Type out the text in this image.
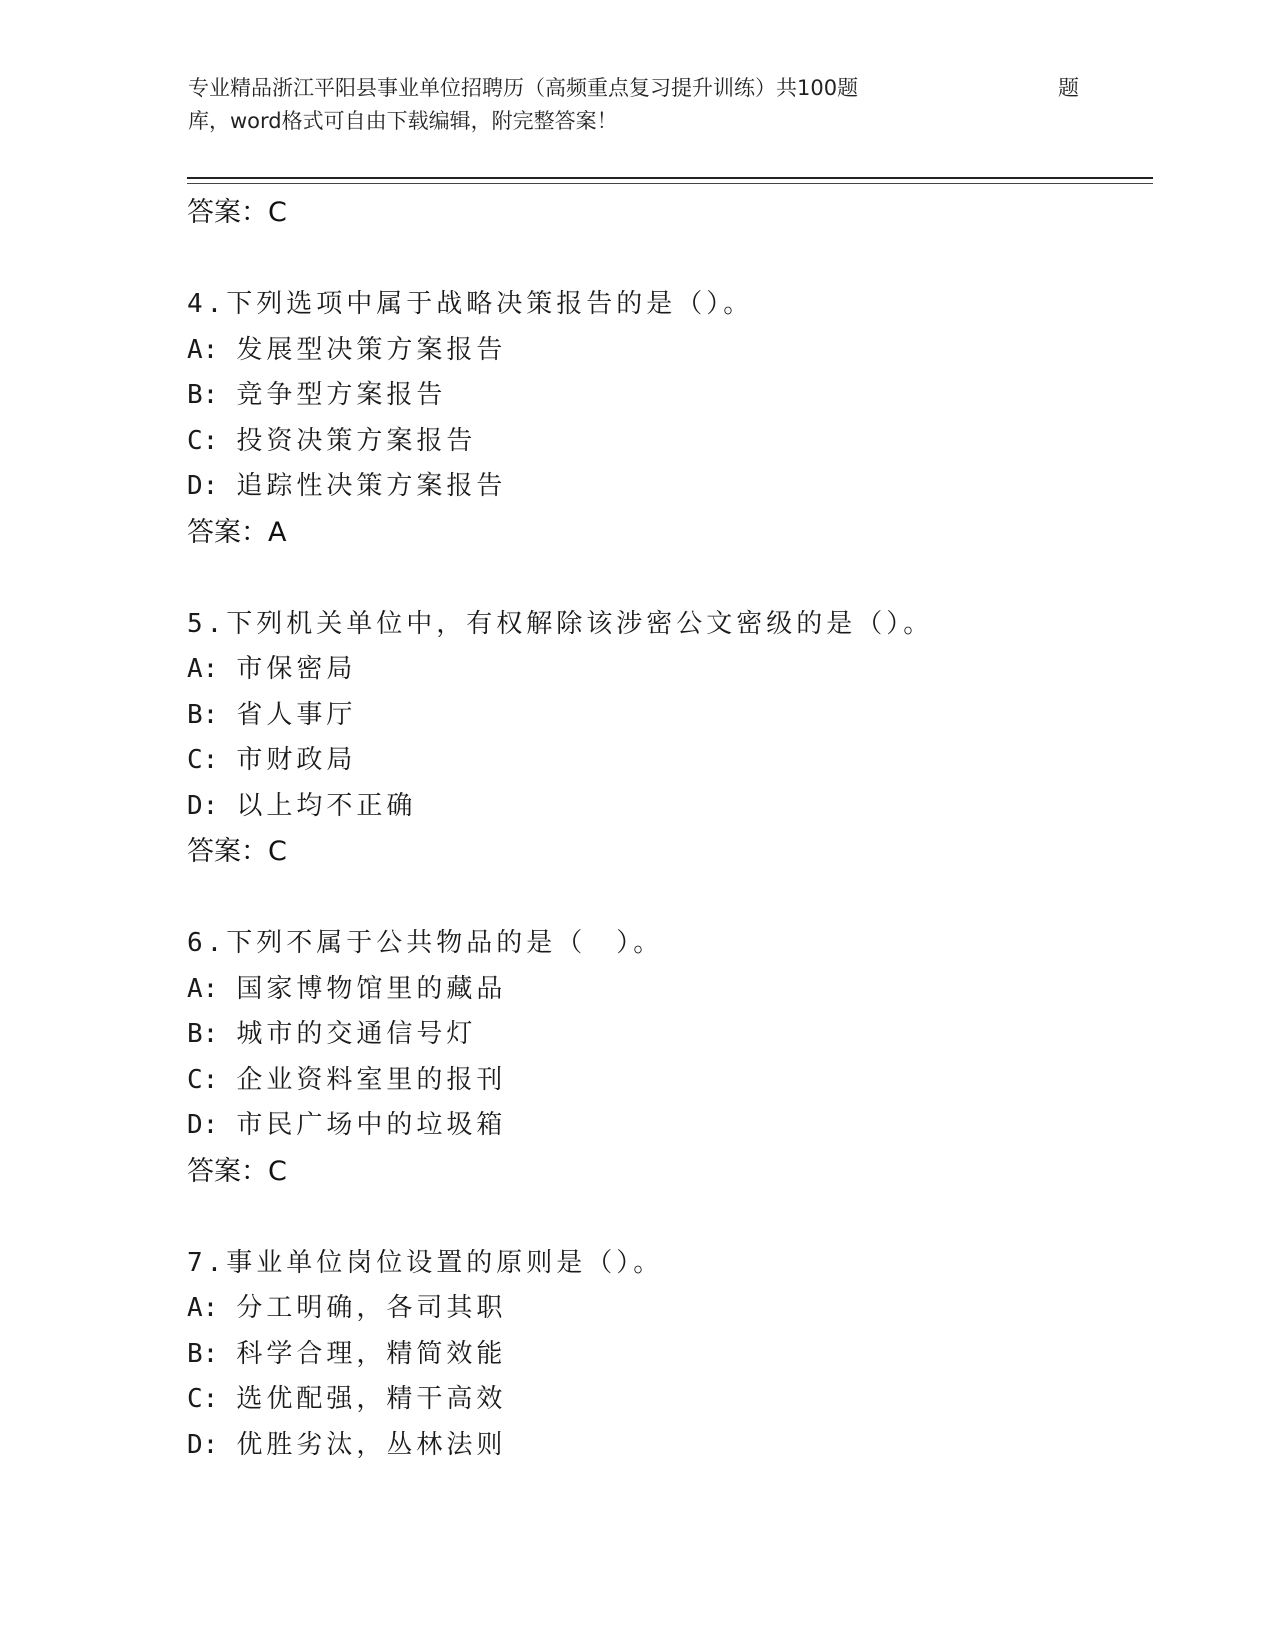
专业精品浙江平阳县事业单位招聘历（高频重点复习提升训练）共100题	题
库，word格式可自由下载编辑，附完整答案！
答案：C
4.下列选项中属于战略决策报告的是（）。
A: 发展型决策方案报告
B: 竞争型方案报告
C: 投资决策方案报告
D: 追踪性决策方案报告
答案：A
5.下列机关单位中，有权解除该涉密公文密级的是（）。
A: 市保密局
B: 省人事厅
C: 市财政局
D: 以上均不正确
答案：C
6.下列不属于公共物品的是（　）。
A: 国家博物馆里的藏品
B: 城市的交通信号灯
C: 企业资料室里的报刊
D: 市民广场中的垃圾箱
答案：C
7.事业单位岗位设置的原则是（）。
A: 分工明确，各司其职
B: 科学合理，精简效能
C: 选优配强，精干高效
D: 优胜劣汰，丛林法则
